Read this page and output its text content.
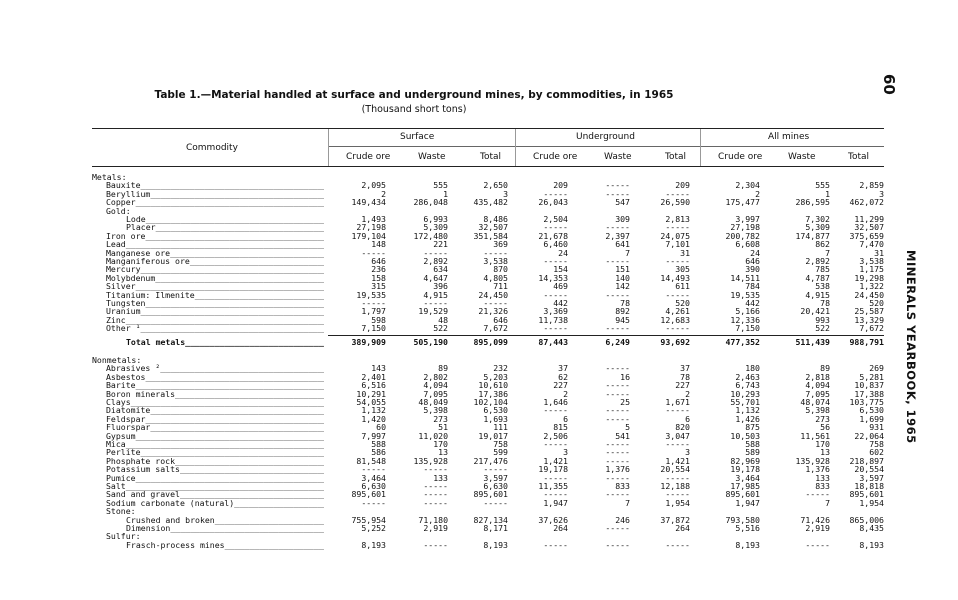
60
MINERALS YEARBOOK, 1965
Table 1.—Material handled at surface and underground mines, by commodities, in 1965
(Thousand short tons)
Commodity
Surface	Underground	All mines
Crude ore	Waste	Total	Crude ore	Waste	Total	Crude ore	Waste	Total
Metals:
Bauxite _____	2,095	555	2,650	209	-----	209	2,304	555	2,859
Beryllium _____	2	1	3	-----	-----	-----	2	1	3
Copper _____	149,434	286,048	435,482	26,043	547	26,590	175,477	286,595	462,072
Gold:
Lode _____	1,493	6,993	8,486	2,504	309	2,813	3,997	7,302	11,299
Placer _____	27,198	5,309	32,507	-----	-----	-----	27,198	5,309	32,507
Iron ore _____	179,104	172,480	351,584	21,678	2,397	24,075	200,782	174,877	375,659
Lead _____	148	221	369	6,460	641	7,101	6,608	862	7,470
Manganese ore _____	-----	-----	-----	24	7	31	24	7	31
Manganiferous ore _____	646	2,892	3,538	-----	-----	-----	646	2,892	3,538
Mercury _____	236	634	870	154	151	305	390	785	1,175
Molybdenum _____	158	4,647	4,805	14,353	140	14,493	14,511	4,787	19,298
Silver _____	315	396	711	469	142	611	784	538	1,322
Titanium: Ilmenite _____	19,535	4,915	24,450	-----	-----	-----	19,535	4,915	24,450
Tungsten _____	-----	-----	-----	442	78	520	442	78	520
Uranium _____	1,797	19,529	21,326	3,369	892	4,261	5,166	20,421	25,587
Zinc _____	598	48	646	11,738	945	12,683	12,336	993	13,329
Other ¹ _____	7,150	522	7,672	-----	-----	-----	7,150	522	7,672
Total metals _____	389,909	505,190	895,099	87,443	6,249	93,692	477,352	511,439	988,791
Nonmetals:
Abrasives ² _____	143	89	232	37	-----	37	180	89	269
Asbestos _____	2,401	2,802	5,203	62	16	78	2,463	2,818	5,281
Barite _____	6,516	4,094	10,610	227	-----	227	6,743	4,094	10,837
Boron minerals _____	10,291	7,095	17,386	2	-----	2	10,293	7,095	17,388
Clays _____	54,055	48,049	102,104	1,646	25	1,671	55,701	48,074	103,775
Diatomite _____	1,132	5,398	6,530	-----	-----	-----	1,132	5,398	6,530
Feldspar _____	1,420	273	1,693	6	-----	6	1,426	273	1,699
Fluorspar _____	60	51	111	815	5	820	875	56	931
Gypsum _____	7,997	11,020	19,017	2,506	541	3,047	10,503	11,561	22,064
Mica _____	588	170	758	-----	-----	-----	588	170	758
Perlite _____	586	13	599	3	-----	3	589	13	602
Phosphate rock _____	81,548	135,928	217,476	1,421	-----	1,421	82,969	135,928	218,897
Potassium salts _____	-----	-----	-----	19,178	1,376	20,554	19,178	1,376	20,554
Pumice _____	3,464	133	3,597	-----	-----	-----	3,464	133	3,597
Salt _____	6,630	-----	6,630	11,355	833	12,188	17,985	833	18,818
Sand and gravel _____	895,601	-----	895,601	-----	-----	-----	895,601	-----	895,601
Sodium carbonate (natural) _____	-----	-----	-----	1,947	7	1,954	1,947	7	1,954
Stone:
Crushed and broken _____	755,954	71,180	827,134	37,626	246	37,872	793,580	71,426	865,006
Dimension _____	5,252	2,919	8,171	264	-----	264	5,516	2,919	8,435
Sulfur:
Frasch-process mines _____	8,193	-----	8,193	-----	-----	-----	8,193	-----	8,193
